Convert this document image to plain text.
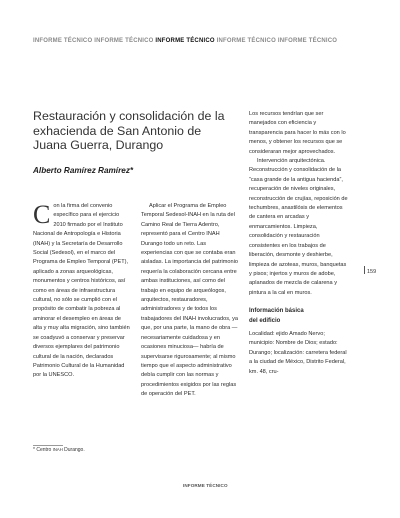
INFORME TÉCNICO INFORME TÉCNICO INFORME TÉCNICO INFORME TÉCNICO INFORME TÉCNICO
Restauración y consolidación de la exhacienda de San Antonio de Juana Guerra, Durango
Alberto Ramírez Ramírez*

Con la firma del convenio específico para el ejercicio 2010 firmado por el Instituto Nacional de Antropología e Historia (INAH) y la Secretaría de Desarrollo Social (Sedesol), en el marco del Programa de Empleo Temporal (PET), aplicado a zonas arqueológicas, monumentos y centros históricos, así como en áreas de infraestructura cultural, no sólo se cumplió con el propósito de combatir la pobreza al aminorar el desempleo en áreas de alta y muy alta migración, sino también se coadyuvó a conservar y preservar diversos ejemplares del patrimonio cultural de la nación, declarados Patrimonio Cultural de la Humanidad por la UNESCO.

Aplicar el Programa de Empleo Temporal Sedesol-INAH en la ruta del Camino Real de Tierra Adentro, representó para el Centro INAH Durango todo un reto. Las experiencias con que se contaba eran aisladas. La importancia del patrimonio requería la colaboración cercana entre ambas instituciones, así como del trabajo en equipo de arqueólogos, arquitectos, restauradores, administradores y de todos los trabajadores del INAH involucrados, ya que, por una parte, la mano de obra —necesariamente cuidadosa y en ocasiones minuciosa— habría de supervisarse rigurosamente; al mismo tiempo que el aspecto administrativo debía cumplir con las normas y procedimientos exigidos por las reglas de operación del PET.

Los recursos tendrían que ser manejados con eficiencia y transparencia para hacer lo más con lo menos, y obtener los recursos que se consideraran mejor aprovechados.

Intervención arquitectónica. Reconstrucción y consolidación de la “casa grande de la antigua hacienda”, recuperación de niveles originales, reconstrucción de crujías, reposición de techumbres, anastilósis de elementos de cantera en arcadas y enmarcamientos. Limpieza, consolidación y restauración consistentes en los trabajos de liberación, desmonte y deshierbe, limpieza de azoteas, muros, banquetas y pisos; injertos y muros de adobe, aplanados de mezcla de calarena y pintura a la cal en muros.

Información básica
del edificio

Localidad: ejido Amado Nervo; municipio: Nombre de Dios; estado: Durango; localización: carretera federal a la ciudad de México, Distrito Federal, km. 48, cru-

* Centro INAH Durango.
159
INFORME TÉCNICO
